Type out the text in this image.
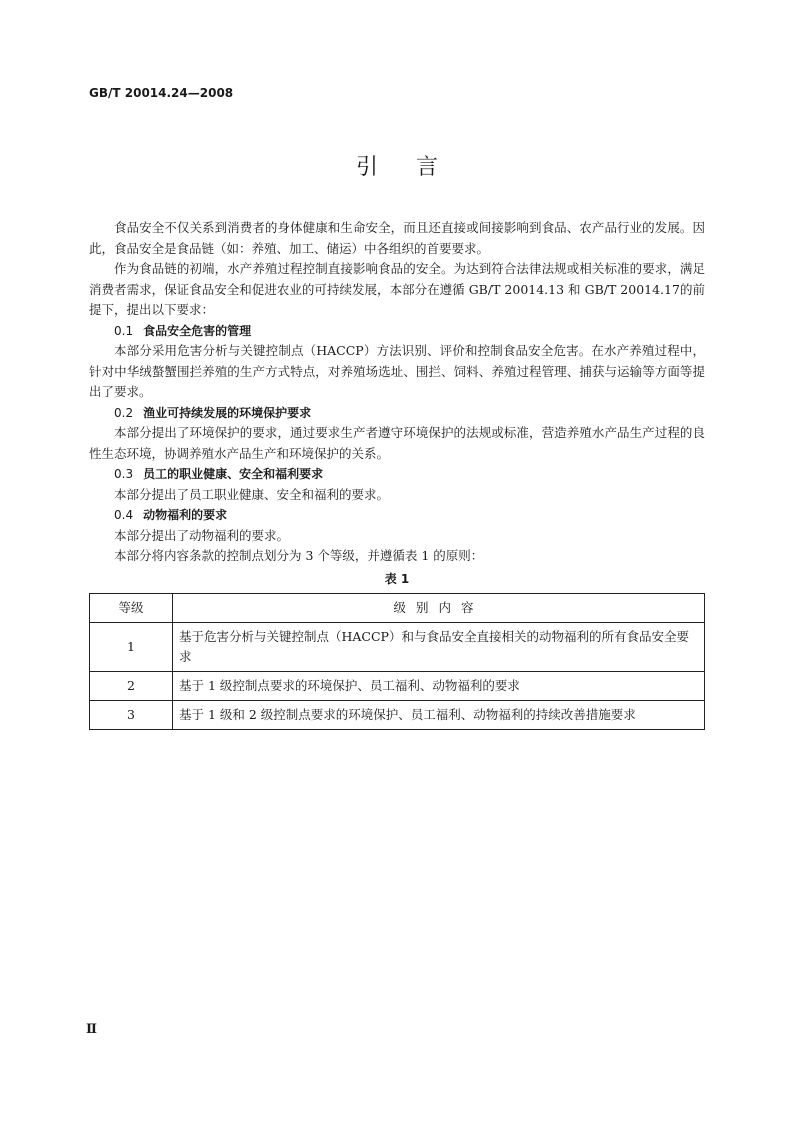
GB/T 20014.24—2008
引言

食品安全不仅关系到消费者的身体健康和生命安全，而且还直接或间接影响到食品、农产品行业的发展。因此，食品安全是食品链（如：养殖、加工、储运）中各组织的首要要求。

作为食品链的初端，水产养殖过程控制直接影响食品的安全。为达到符合法律法规或相关标准的要求，满足消费者需求，保证食品安全和促进农业的可持续发展，本部分在遵循 GB/T 20014.13 和 GB/T 20014.17的前提下，提出以下要求：

0.1 食品安全危害的管理

本部分采用危害分析与关键控制点（HACCP）方法识别、评价和控制食品安全危害。在水产养殖过程中，针对中华绒螯蟹围拦养殖的生产方式特点，对养殖场选址、围拦、饲料、养殖过程管理、捕获与运输等方面等提出了要求。

0.2 渔业可持续发展的环境保护要求

本部分提出了环境保护的要求，通过要求生产者遵守环境保护的法规或标准，营造养殖水产品生产过程的良性生态环境，协调养殖水产品生产和环境保护的关系。

0.3 员工的职业健康、安全和福利要求

本部分提出了员工职业健康、安全和福利的要求。

0.4 动物福利的要求

本部分提出了动物福利的要求。

本部分将内容条款的控制点划分为 3 个等级，并遵循表 1 的原则：

表 1
等级	级别内容
1	基于危害分析与关键控制点（HACCP）和与食品安全直接相关的动物福利的所有食品安全要求
2	基于 1 级控制点要求的环境保护、员工福利、动物福利的要求
3	基于 1 级和 2 级控制点要求的环境保护、员工福利、动物福利的持续改善措施要求
Ⅱ
